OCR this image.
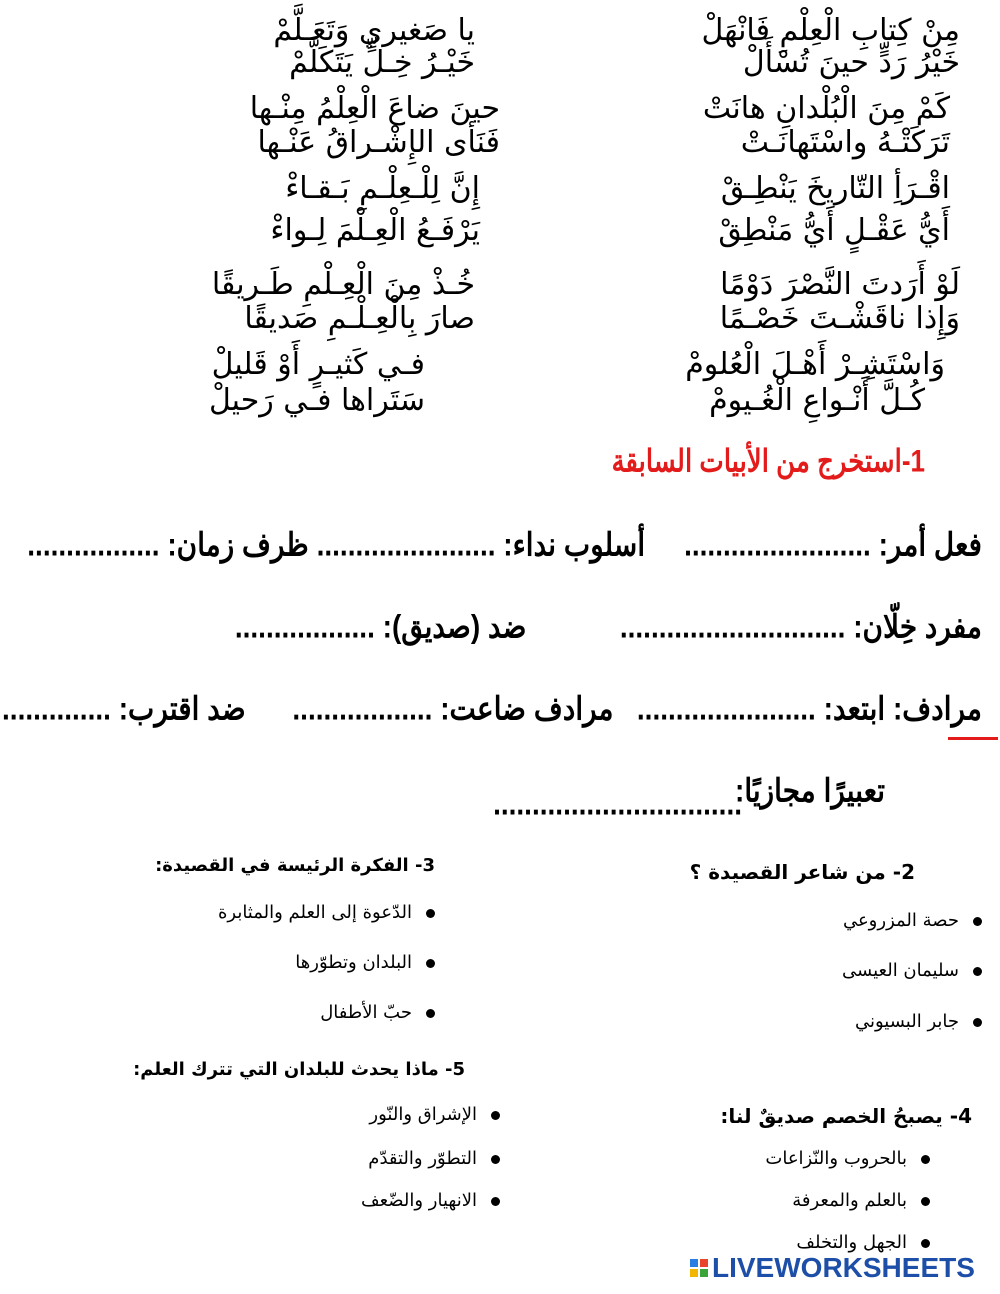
مِنْ كِتابِ الْعِلْمِ فَانْهَلْ
خَيْرُ رَدٍّ حينَ تُسْأَلْ
يا صَغيري وَتَعَـلَّمْ
خَيْـرُ خِـلٍّ يَتَكَلَّمْ
كَمْ مِنَ الْبُلْدانِ هانَتْ
تَرَكَتْـهُ واسْتَهانَـتْ
حينَ ضاعَ الْعِلْمُ مِنْـها
فَنَأى الإِشْـراقُ عَنْـها
اقْـرَأِ التّاريخَ يَنْطِـقْ
أَيُّ عَقْـلٍ أَيُّ مَنْطِقْ
إِنَّ لِلْـعِلْـمِ بَـقـاءْ
يَرْفَـعُ الْعِـلْمَ لِـواءْ
لَوْ أَرَدتَ النَّصْرَ دَوْمًا
وَإِذا ناقَشْـتَ خَصْـمًا
خُـذْ مِنَ الْعِـلْمِ طَـريقًا
صارَ بِالْعِـلْـمِ صَديقًا
وَاسْتَشِـرْ أَهْـلَ الْعُلومْ
كُـلَّ أَنْـواعِ الْغُـيومْ
فـي كَثيـرٍ أَوْ قَليلْ
سَتَراها فـي رَحيلْ
1-استخرج من الأبيات السابقة
فعل أمر: ........................     أسلوب نداء: ....................... ظرف زمان: .................
مفرد خِلّان: .............................            ضد (صديق): ..................
مرادف: ابتعد: .......................   مرادف ضاعت: ..................      ضد اقترب: ..............
تعبيرًا مجازيًا:
................................
2- من شاعر القصيدة ؟
حصة المزروعي
سليمان العيسى
جابر البسيوني
3- الفكرة الرئيسة في القصيدة:
الدّعوة إلى العلم والمثابرة
البلدان وتطوّرها
حبّ الأطفال
5- ماذا يحدث للبلدان التي تترك العلم:
الإشراق والنّور
التطوّر والتقدّم
الانهيار والضّعف
4- يصبحُ الخصم صديقٌ لنا:
بالحروب والنّزاعات
بالعلم والمعرفة
الجهل والتخلف
LIVEWORKSHEETS
